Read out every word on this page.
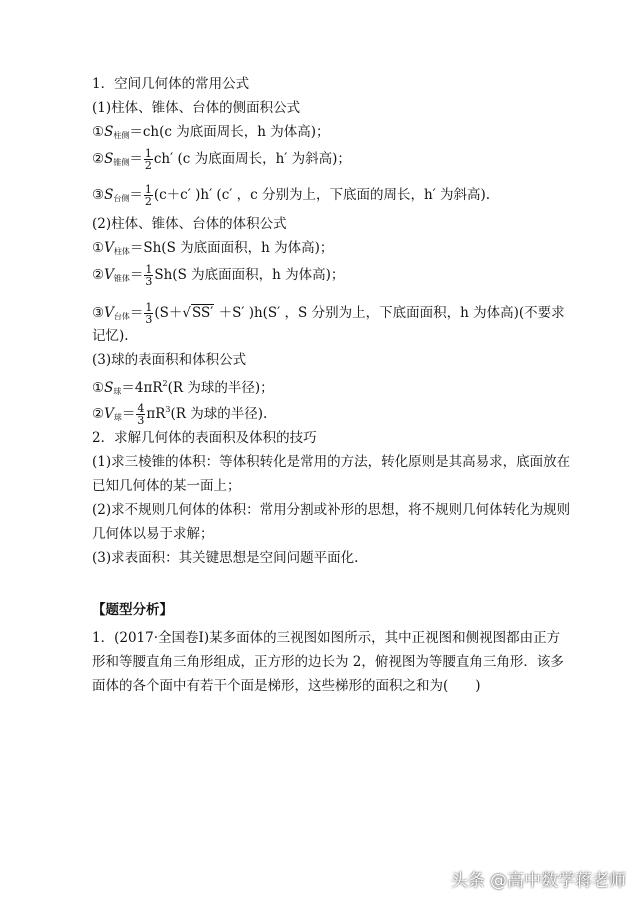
1．空间几何体的常用公式
(1)柱体、锥体、台体的侧面积公式
$①S_{柱侧}=ch(c$ 为底面周长，h 为体高)；
$②S_{锥侧}= \frac{1}{2} ch'$ (c 为底面周长，h′ 为斜高)；
$③S_{台侧}= \frac{1}{2} (c+c'$ )h′ (c′ ，c 分别为上，下底面的周长，h′ 为斜高).
(2)柱体、锥体、台体的体积公式
$①V_{柱体}=Sh(S$ 为底面面积，h 为体高)；
$②V_{锥体}= \frac{1}{3} Sh(S$ 为底面面积，h 为体高)；
$③V_{台体}= \frac{1}{3} (S+√SS' +S'$ )h(S′ ，S 分别为上，下底面面积，h 为体高)(不要求
记忆).
(3)球的表面积和体积公式
$①S_球=4\pi R^2(R$ 为球的半径)；
$②V_球= \frac{4}{3} \pi R^3(R$ 为球的半径).
2．求解几何体的表面积及体积的技巧
(1)求三棱锥的体积：等体积转化是常用的方法，转化原则是其高易求，底面放在
已知几何体的某一面上；
(2)求不规则几何体的体积：常用分割或补形的思想，将不规则几何体转化为规则
几何体以易于求解；
(3)求表面积：其关键思想是空间问题平面化.
【题型分析】
1．(2017·全国卷Ⅰ)某多面体的三视图如图所示，其中正视图和侧视图都由正方
形和等腰直角三角形组成，正方形的边长为 2，俯视图为等腰直角三角形．该多
面体的各个面中有若干个面是梯形，这些梯形的面积之和为(　　)
头条 @高中数学蒋老师
